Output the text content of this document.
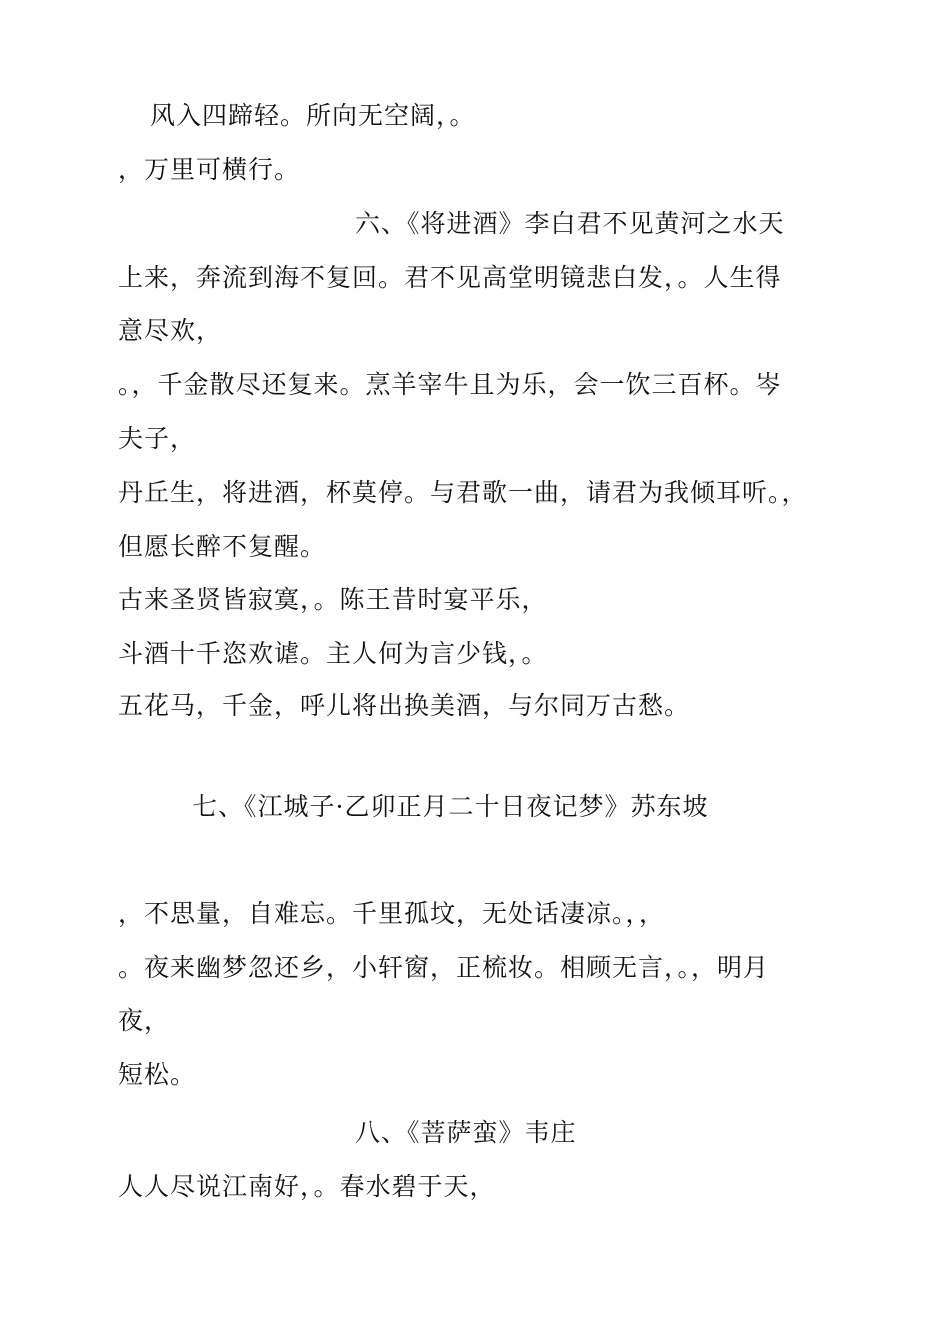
风入四蹄轻。所向无空阔，。
，万里可横行。
六、《将进酒》李白君不见黄河之水天
上来，奔流到海不复回。君不见高堂明镜悲白发，。人生得
意尽欢，
。，千金散尽还复来。烹羊宰牛且为乐，会一饮三百杯。岑
夫子，
丹丘生，将进酒，杯莫停。与君歌一曲，请君为我倾耳听。，
但愿长醉不复醒。
古来圣贤皆寂寞，。陈王昔时宴平乐，
斗酒十千恣欢谑。主人何为言少钱，。
五花马，千金，呼儿将出换美酒，与尔同万古愁。
七、《江城子·乙卯正月二十日夜记梦》苏东坡
，不思量，自难忘。千里孤坟，无处话凄凉。，，
。夜来幽梦忽还乡，小轩窗，正梳妆。相顾无言，。，明月
夜，
短松。
八、《菩萨蛮》韦庄
人人尽说江南好，。春水碧于天，
